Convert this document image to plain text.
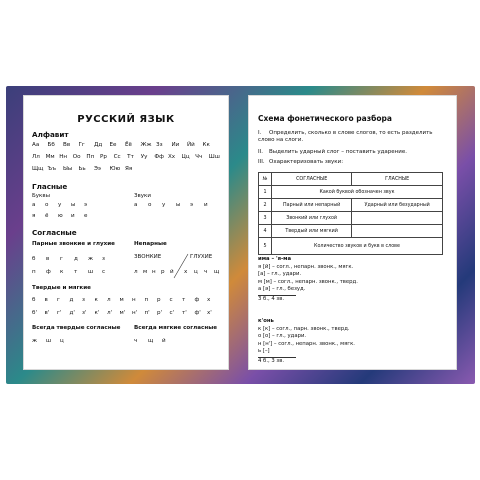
РУССКИЙ ЯЗЫК
Алфавит
Аа	Бб	Вв	Гг	Дд	Ее	Ёё	Жж Зз	Ии	Йй	Кк
Лл	Мм Нн	Оо	Пп	Рр	Сс	Тт	Уу	Фф Хх	Цц Чч	Шш
Щщ Ъъ	Ыы	Ьь	Ээ	Юю Яя
Гласные
Буквы	Звуки
а	о	у	ы	э	а	о	у	ы	э	и
я	ё	ю	и	е
Согласные
Парные звонкие и глухие	Непарные
ЗВОНКИЕ	ГЛУХИЕ
б	в	г	д	ж	з
п	ф	к	т	ш	с	л м н р й	х	ц	ч	щ
Твердые и мягкие
б	в	г	д	з	к	л	м	н	п	р	с	т	ф	х
б'	в'	г'	д'	з'	к'	л'	м'	н'	п'	р'	с'	т'	ф'	х'
Всегда твердые согласные Всегда мягкие согласные
ж	ш	ц	ч	щ	й
Схема фонетического разбора
I. Определить, сколько в слове слогов, то есть разделить слово на слоги.
II. Выделить ударный слог – поставить ударение.
III. Охарактеризовать звуки:
№	СОГЛАСНЫЕ	ГЛАСНЫЕ
1	Какой буквой обозначен звук	
2	Парный или непарный	Ударный или безударный
3	Звонкий или глухой	
4	Твердый или мягкий	
5	Количество звуков и букв в слове	
има – 'я-ма
я [й] – согл., непарн. звонк., мягк.
[а] – гл., удари.
м [м] – согл., непарн. звонк., тверд.
а [ə] – гл., безуд.
3 б., 4 зв.
к'онь
к [к] – согл., парн. звонк., тверд.
о [о] – гл., удари.
н [н'] – согл., непарн. звонк., мягк.
ь [–]
4 б., 3 зв.
